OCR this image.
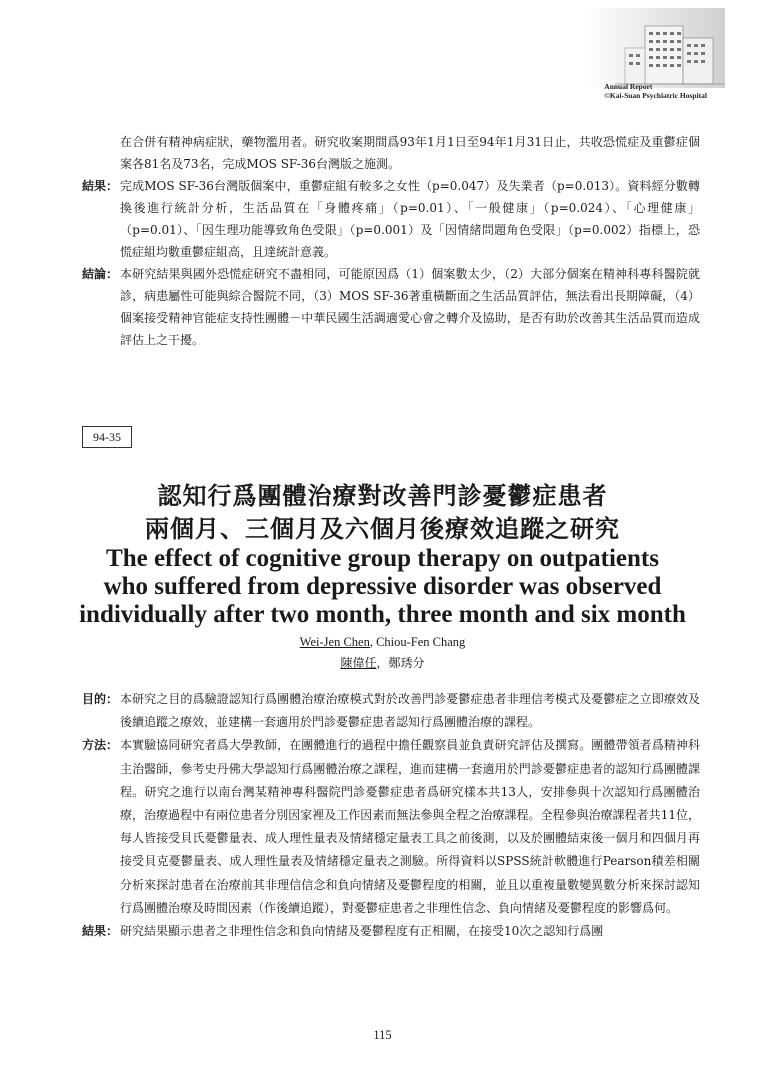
Annual Report
©Kai-Suan Psychiatric Hospital
在合併有精神病症狀，藥物濫用者。研究收案期間爲93年1月1日至94年1月31日止，共收恐慌症及重鬱症個案各81名及73名，完成MOS SF-36台灣版之施測。
結果： 完成MOS SF-36台灣版個案中，重鬱症組有較多之女性（p=0.047）及失業者（p=0.013）。資料經分數轉換後進行統計分析，生活品質在「身體疼痛」（p=0.01）、「一般健康」（p=0.024）、「心理健康」（p=0.01）、「因生理功能導致角色受限」（p=0.001）及「因情緒問題角色受限」（p=0.002）指標上，恐慌症組均數重鬱症組高，且達統計意義。
結論： 本研究結果與國外恐慌症研究不盡相同，可能原因爲（1）個案數太少，（2）大部分個案在精神科專科醫院就診，病患屬性可能與綜合醫院不同，（3）MOS SF-36著重橫斷面之生活品質評估，無法看出長期障礙，（4）個案接受精神官能症支持性團體－中華民國生活調適愛心會之轉介及協助，是否有助於改善其生活品質而造成評估上之干擾。
94-35
認知行爲團體治療對改善門診憂鬱症患者
兩個月、三個月及六個月後療效追蹤之研究
The effect of cognitive group therapy on outpatients
who suffered from depressive disorder was observed
individually after two month, three month and six month
Wei-Jen Chen, Chiou-Fen Chang
陳偉任，鄭琇分
目的： 本研究之目的爲驗證認知行爲團體治療治療模式對於改善門診憂鬱症患者非理信考模式及憂鬱症之立即療效及後續追蹤之療效，並建構一套適用於門診憂鬱症患者認知行爲團體治療的課程。
方法： 本實驗協同研究者爲大學教師，在團體進行的過程中擔任觀察員並負責研究評估及撰寫。團體帶領者爲精神科主治醫師，參考史丹佛大學認知行爲團體治療之課程，進而建構一套適用於門診憂鬱症患者的認知行爲團體課程。研究之進行以南台灣某精神專科醫院門診憂鬱症患者爲研究樣本共13人，安排參與十次認知行爲團體治療，治療過程中有兩位患者分別因家裡及工作因素而無法參與全程之治療課程。全程參與治療課程者共11位，每人皆接受貝氏憂鬱量表、成人理性量表及情緒穩定量表工具之前後測，以及於團體結束後一個月和四個月再接受貝克憂鬱量表、成人理性量表及情緒穩定量表之測驗。所得資料以SPSS統計軟體進行Pearson積差相關分析來探討患者在治療前其非理信信念和負向情緒及憂鬱程度的相關，並且以重複量數變異數分析來探討認知行爲團體治療及時間因素（作後續追蹤），對憂鬱症患者之非理性信念、負向情緒及憂鬱程度的影響爲何。
結果： 研究結果顯示患者之非理性信念和負向情緒及憂鬱程度有正相關，在接受10次之認知行爲團
115
